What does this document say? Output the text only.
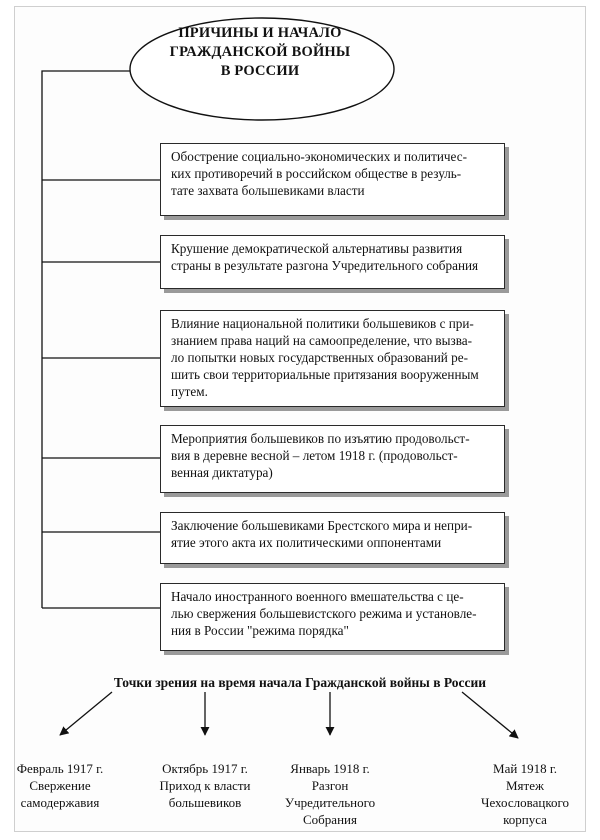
ПРИЧИНЫ И НАЧАЛО
ГРАЖДАНСКОЙ ВОЙНЫ
В РОССИИ
Обострение социально-экономических и политичес-
ких противоречий в российском обществе в резуль-
тате захвата большевиками власти
Крушение демократической альтернативы развития
страны в результате разгона Учредительного собрания
Влияние национальной политики большевиков с при-
знанием права наций на самоопределение, что вызва-
ло попытки новых государственных образований ре-
шить свои территориальные притязания вооруженным
путем.
Мероприятия большевиков по изъятию продовольст-
вия в деревне весной – летом 1918 г. (продовольст-
венная диктатура)
Заключение большевиками Брестского мира и непри-
ятие этого акта их политическими оппонентами
Начало иностранного военного вмешательства с це-
лью свержения большевистского режима и установле-
ния в России "режима порядка"
Точки зрения на время начала Гражданской войны в России
Февраль 1917 г.
Свержение
самодержавия
Октябрь 1917 г.
Приход к власти
большевиков
Январь 1918 г.
Разгон
Учредительного
Собрания
Май 1918 г.
Мятеж
Чехословацкого
корпуса
